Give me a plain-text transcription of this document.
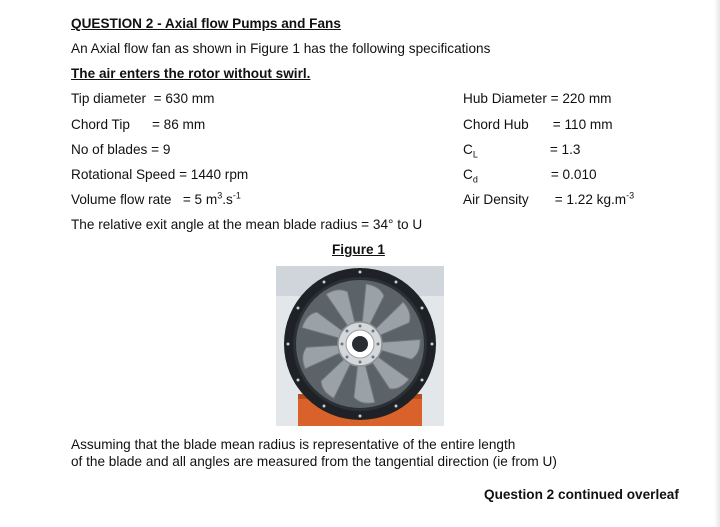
QUESTION 2 - Axial flow Pumps and Fans
An Axial flow fan as shown in Figure 1 has the following specifications
The air enters the rotor without swirl.
Tip diameter = 630 mm
Chord Tip = 86 mm
No of blades = 9
Rotational Speed = 1440 rpm
Volume flow rate = 5 $m^3.s^{-1}$
Hub Diameter = 220 mm
Chord Hub = 110 mm
$C_L$	= 1.3
$C_d$	= 0.010
Air Density = 1.22 $kg.m^{-3}$
The relative exit angle at the mean blade radius = 34° to U
Figure 1
Assuming that the blade mean radius is representative of the entire length
of the blade and all angles are measured from the tangential direction (ie from U)
Question 2 continued overleaf
